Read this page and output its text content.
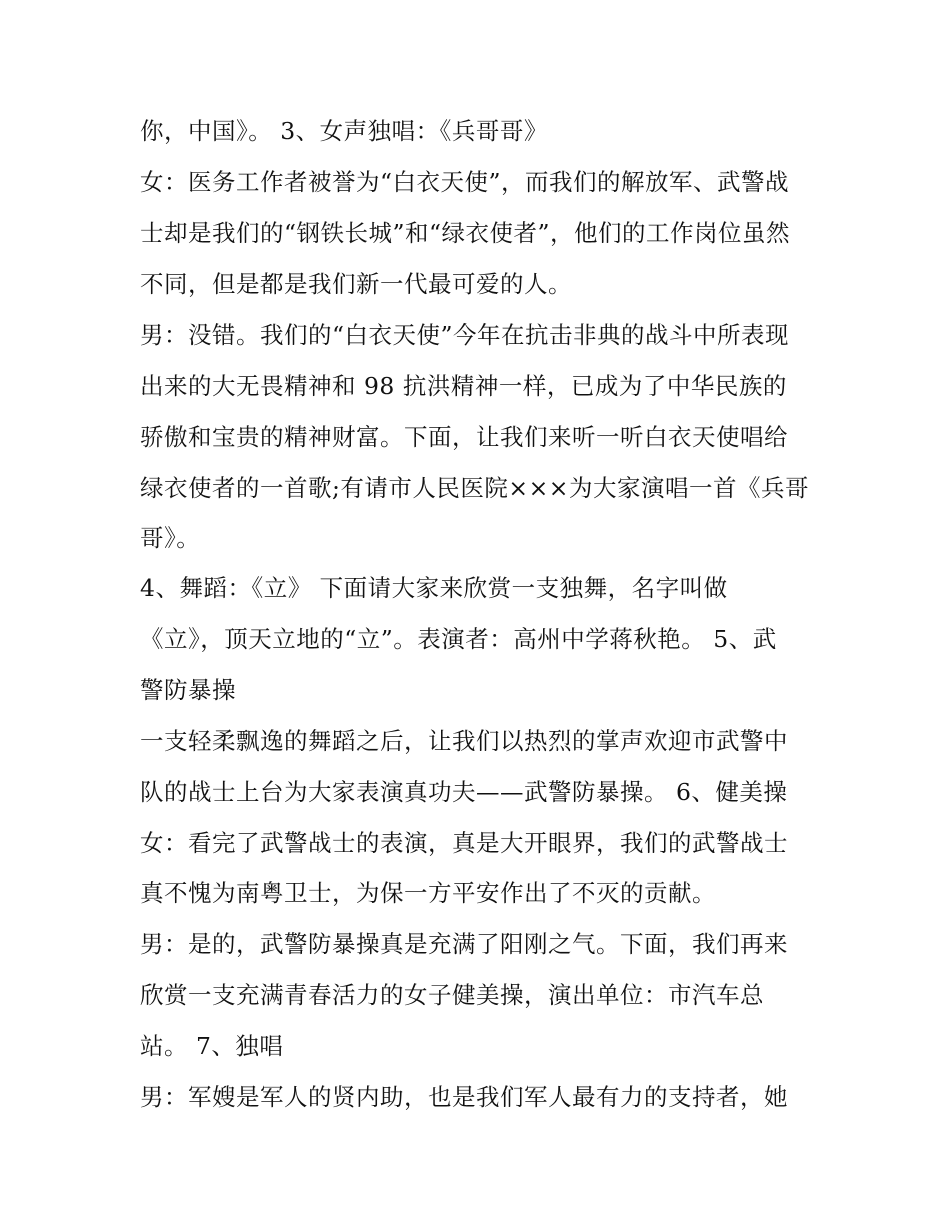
你，中国》。 3、女声独唱：《兵哥哥》
女：医务工作者被誉为“白衣天使”，而我们的解放军、武警战
士却是我们的“钢铁长城”和“绿衣使者”，他们的工作岗位虽然
不同，但是都是我们新一代最可爱的人。
男：没错。我们的“白衣天使”今年在抗击非典的战斗中所表现
出来的大无畏精神和 98 抗洪精神一样，已成为了中华民族的
骄傲和宝贵的精神财富。下面，让我们来听一听白衣天使唱给
绿衣使者的一首歌;有请市人民医院×××为大家演唱一首《兵哥
哥》。
4、舞蹈：《立》 下面请大家来欣赏一支独舞，名字叫做
《立》，顶天立地的“立”。表演者：高州中学蒋秋艳。 5、武
警防暴操
一支轻柔飘逸的舞蹈之后，让我们以热烈的掌声欢迎市武警中
队的战士上台为大家表演真功夫——武警防暴操。 6、健美操
女：看完了武警战士的表演，真是大开眼界，我们的武警战士
真不愧为南粤卫士，为保一方平安作出了不灭的贡献。
男：是的，武警防暴操真是充满了阳刚之气。下面，我们再来
欣赏一支充满青春活力的女子健美操，演出单位：市汽车总
站。 7、独唱
男：军嫂是军人的贤内助，也是我们军人最有力的支持者，她
